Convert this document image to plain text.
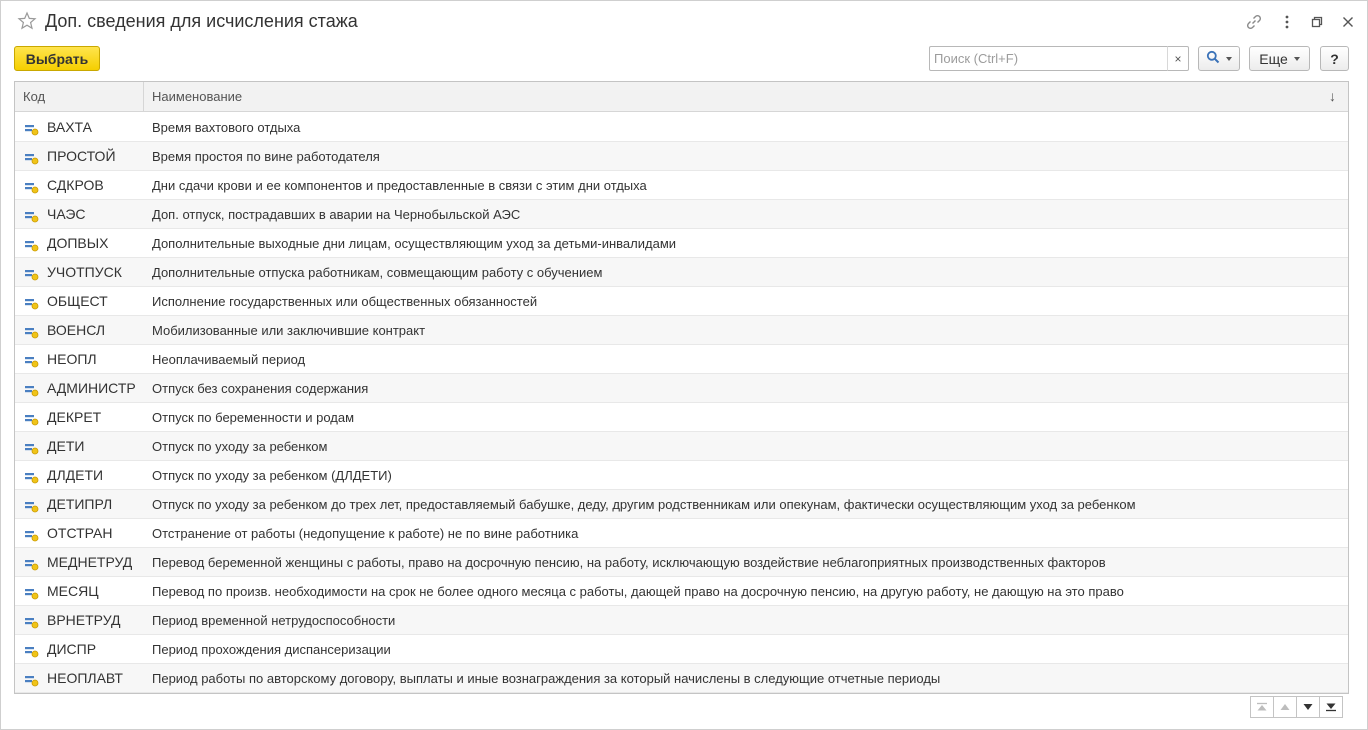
Доп. сведения для исчисления стажа
Выбрать
Поиск (Ctrl+F)	×	Еще	?
Код	Наименование	↓
ВАХТА	Время вахтового отдыха
ПРОСТОЙ	Время простоя по вине работодателя
СДКРОВ	Дни сдачи крови и ее компонентов и предоставленные в связи с этим дни отдыха
ЧАЭС	Доп. отпуск, пострадавших в аварии на Чернобыльской АЭС
ДОПВЫХ	Дополнительные выходные дни лицам, осуществляющим уход за детьми-инвалидами
УЧОТПУСК Дополнительные отпуска работникам, совмещающим работу с обучением
ОБЩЕСТ	Исполнение государственных или общественных обязанностей
ВОЕНСЛ	Мобилизованные или заключившие контракт
НЕОПЛ	Неоплачиваемый период
АДМИНИСТР Отпуск без сохранения содержания
ДЕКРЕТ	Отпуск по беременности и родам
ДЕТИ	Отпуск по уходу за ребенком
ДЛДЕТИ	Отпуск по уходу за ребенком (ДЛДЕТИ)
ДЕТИПРЛ	Отпуск по уходу за ребенком до трех лет, предоставляемый бабушке, деду, другим родственникам или опекунам, фактически осуществляющим уход за ребенком
ОТСТРАН	Отстранение от работы (недопущение к работе) не по вине работника
МЕДНЕТРУД Перевод беременной женщины с работы, право на досрочную пенсию, на работу, исключающую воздействие неблагоприятных производственных факторов
МЕСЯЦ	Перевод по произв. необходимости на срок не более одного месяца с работы, дающей право на досрочную пенсию, на другую работу, не дающую на это право
ВРНЕТРУД Период временной нетрудоспособности
ДИСПР	Период прохождения диспансеризации
НЕОПЛАВТ Период работы по авторскому договору, выплаты и иные вознаграждения за который начислены в следующие отчетные периоды
